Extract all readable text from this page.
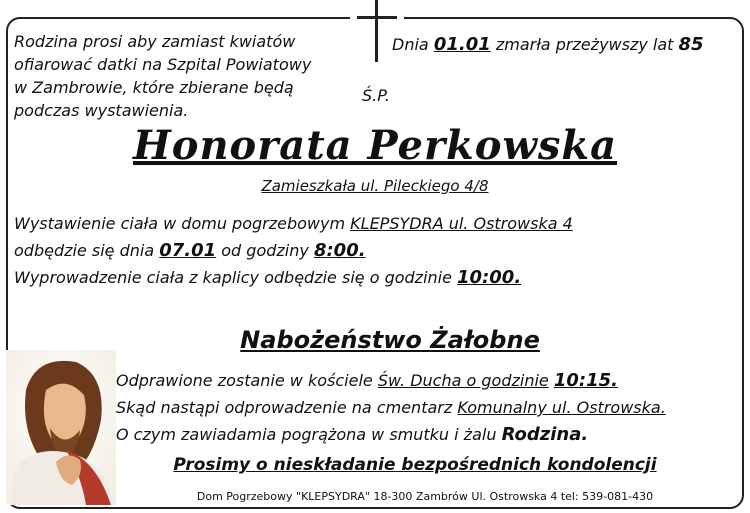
Rodzina prosi aby zamiast kwiatów
ofiarować datki na Szpital Powiatowy
w Zambrowie, które zbierane będą
podczas wystawienia.
Dnia 01.01 zmarła przeżywszy lat 85
Ś.P.
Honorata Perkowska
Zamieszkała ul. Pileckiego 4/8
Wystawienie ciała w domu pogrzebowym KLEPSYDRA ul. Ostrowska 4
odbędzie się dnia 07.01 od godziny 8:00.
Wyprowadzenie ciała z kaplicy odbędzie się o godzinie 10:00.
Nabożeństwo Żałobne
Odprawione zostanie w kościele Św. Ducha o godzinie 10:15.
Skąd nastąpi odprowadzenie na cmentarz Komunalny ul. Ostrowska.
O czym zawiadamia pogrążona w smutku i żalu Rodzina.
Prosimy o nieskładanie bezpośrednich kondolencji
Dom Pogrzebowy "KLEPSYDRA" 18-300 Zambrów Ul. Ostrowska 4 tel: 539-081-430
